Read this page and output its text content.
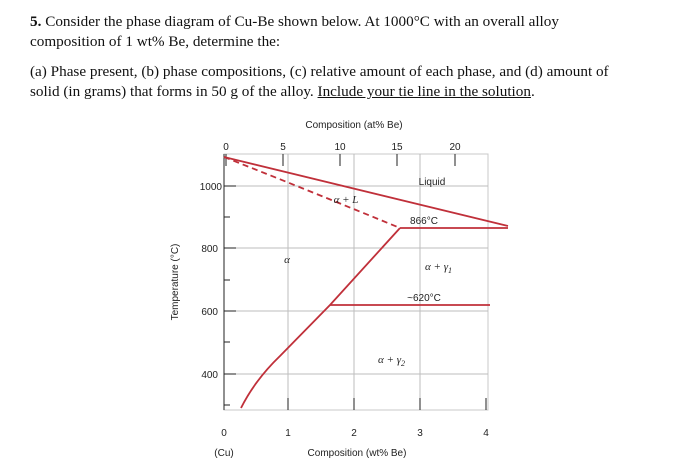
5. Consider the phase diagram of Cu-Be shown below. At 1000°C with an overall alloy
composition of 1 wt% Be, determine the:
(a) Phase present, (b) phase compositions, (c) relative amount of each phase, and (d) amount of
solid (in grams) that forms in 50 g of the alloy. Include your tie line in the solution.
Composition (at% Be)
0	5	10	15	20
1000
800
600
400
0	1	2	3	4
(Cu)	Composition (wt% Be)
Temperature (°C)
Liquid
866°C
~620°C
α + L
α
$\alpha + \gamma_1$
$\alpha + \gamma_2$
